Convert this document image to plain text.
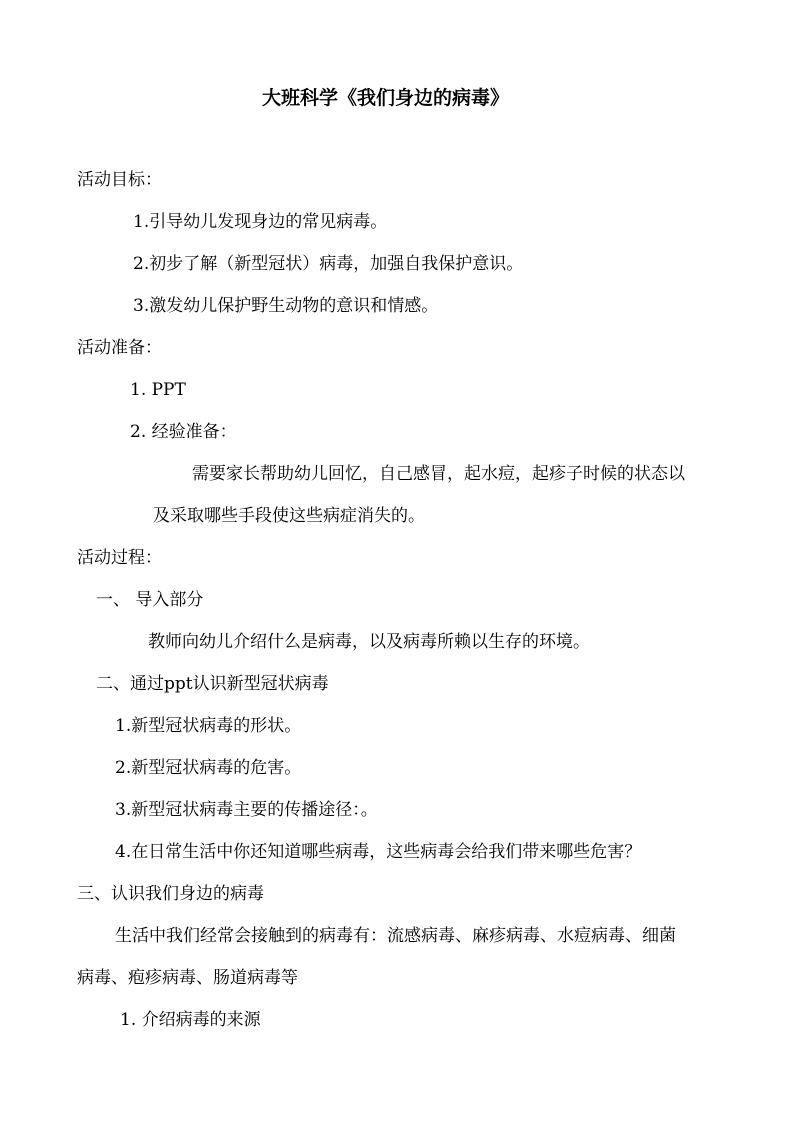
大班科学《我们身边的病毒》
活动目标：
1.引导幼儿发现身边的常见病毒。
2.初步了解（新型冠状）病毒，加强自我保护意识。
3.激发幼儿保护野生动物的意识和情感。
活动准备：
1. PPT
2. 经验准备：
需要家长帮助幼儿回忆，自己感冒，起水痘，起疹子时候的状态以
及采取哪些手段使这些病症消失的。
活动过程：
一、 导入部分
教师向幼儿介绍什么是病毒，以及病毒所赖以生存的环境。
二、通过ppt认识新型冠状病毒
1.新型冠状病毒的形状。
2.新型冠状病毒的危害。
3.新型冠状病毒主要的传播途径：。
4.在日常生活中你还知道哪些病毒，这些病毒会给我们带来哪些危害？
三、认识我们身边的病毒
生活中我们经常会接触到的病毒有：流感病毒、麻疹病毒、水痘病毒、细菌
病毒、疱疹病毒、肠道病毒等
1. 介绍病毒的来源
